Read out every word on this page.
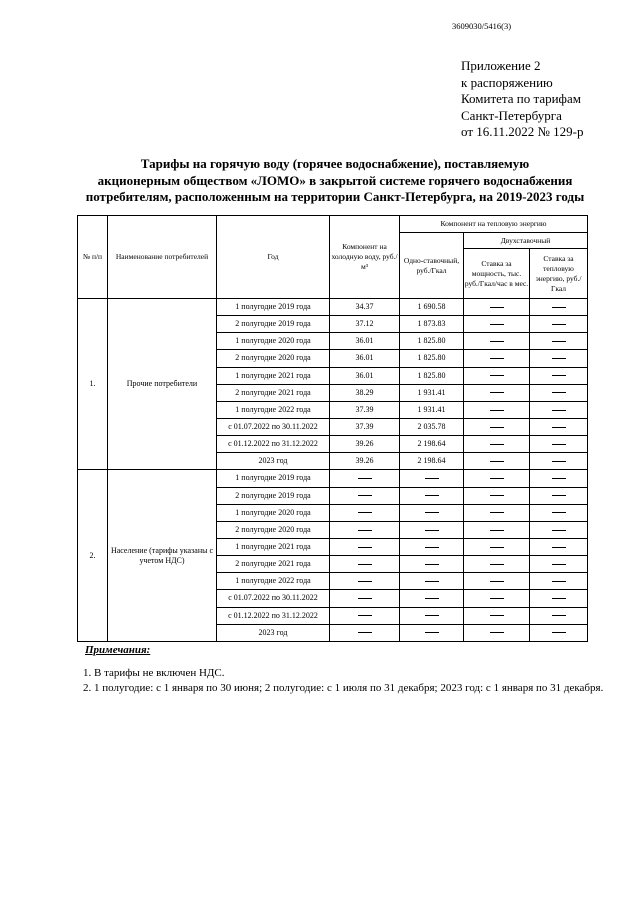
3609030/5416(3)
Приложение 2
к распоряжению
Комитета по тарифам
Санкт-Петербурга
от 16.11.2022 № 129-р
Тарифы на горячую воду (горячее водоснабжение), поставляемую
акционерным обществом «ЛОМО» в закрытой системе горячего водоснабжения
потребителям, расположенным на территории Санкт-Петербурга, на 2019-2023 годы
№ п/п	Наименование потребителей	Год	Компонент на холодную воду, руб./м³	Компонент на тепловую энергию		
				Одно-ставочный, руб./Гкал	Двухставочный	
					Ставка за мощность, тыс. руб./Гкал/час в мес.	Ставка за тепловую энергию, руб./Гкал
1.	Прочие потребители	1 полугодие 2019 года	34.37	1 690.58		
		2 полугодие 2019 года	37.12	1 873.83		
		1 полугодие 2020 года	36.01	1 825.80		
		2 полугодие 2020 года	36.01	1 825.80		
		1 полугодие 2021 года	36.01	1 825.80		
		2 полугодие 2021 года	38.29	1 931.41		
		1 полугодие 2022 года	37.39	1 931.41		
		с 01.07.2022 по 30.11.2022	37.39	2 035.78		
		с 01.12.2022 по 31.12.2022	39.26	2 198.64		
		2023 год	39.26	2 198.64		
2.	Население (тарифы указаны с учетом НДС)	1 полугодие 2019 года				
		2 полугодие 2019 года				
		1 полугодие 2020 года				
		2 полугодие 2020 года				
		1 полугодие 2021 года				
		2 полугодие 2021 года				
		1 полугодие 2022 года				
		с 01.07.2022 по 30.11.2022				
		с 01.12.2022 по 31.12.2022				
		2023 год				
Примечания:
1. В тарифы не включен НДС.
2. 1 полугодие: с 1 января по 30 июня; 2 полугодие: с 1 июля по 31 декабря; 2023 год: с 1 января по 31 декабря.
